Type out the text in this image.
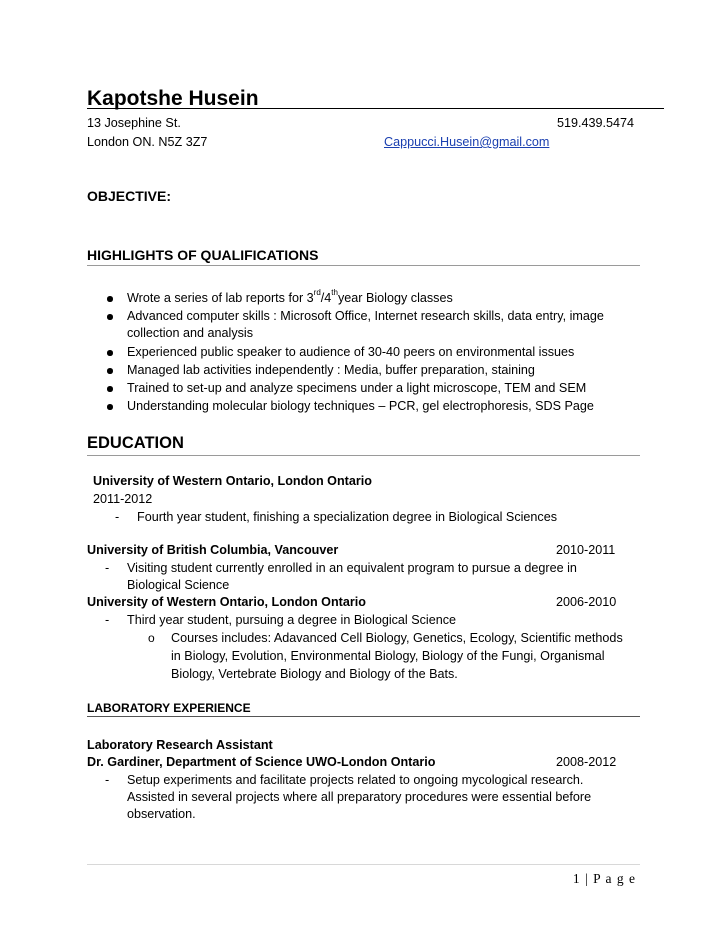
Kapotshe Husein
13 Josephine St.	519.439.5474
London ON. N5Z 3Z7	Cappucci.Husein@gmail.com
OBJECTIVE:
HIGHLIGHTS OF QUALIFICATIONS
Wrote a series of lab reports for 3rd/4thyear Biology classes
Advanced computer skills : Microsoft Office, Internet research skills, data entry, image
collection and analysis
Experienced public speaker to audience of 30-40 peers on environmental issues
Managed lab activities independently : Media, buffer preparation, staining
Trained to set-up and analyze specimens under a light microscope, TEM and SEM
Understanding molecular biology techniques – PCR, gel electrophoresis, SDS Page
EDUCATION
University of Western Ontario, London Ontario
2011-2012
- Fourth year student, finishing a specialization degree in Biological Sciences
University of British Columbia, Vancouver	2010-2011
- Visiting student currently enrolled in an equivalent program to pursue a degree in
Biological Science
University of Western Ontario, London Ontario	2006-2010
- Third year student, pursuing a degree in Biological Science
o Courses includes: Adavanced Cell Biology, Genetics, Ecology, Scientific methods
in Biology, Evolution, Environmental Biology, Biology of the Fungi, Organismal
Biology, Vertebrate Biology and Biology of the Bats.
LABORATORY EXPERIENCE
Laboratory Research Assistant
Dr. Gardiner, Department of Science UWO-London Ontario	2008-2012
- Setup experiments and facilitate projects related to ongoing mycological research.
Assisted in several projects where all preparatory procedures were essential before
observation.
1 | P a g e
